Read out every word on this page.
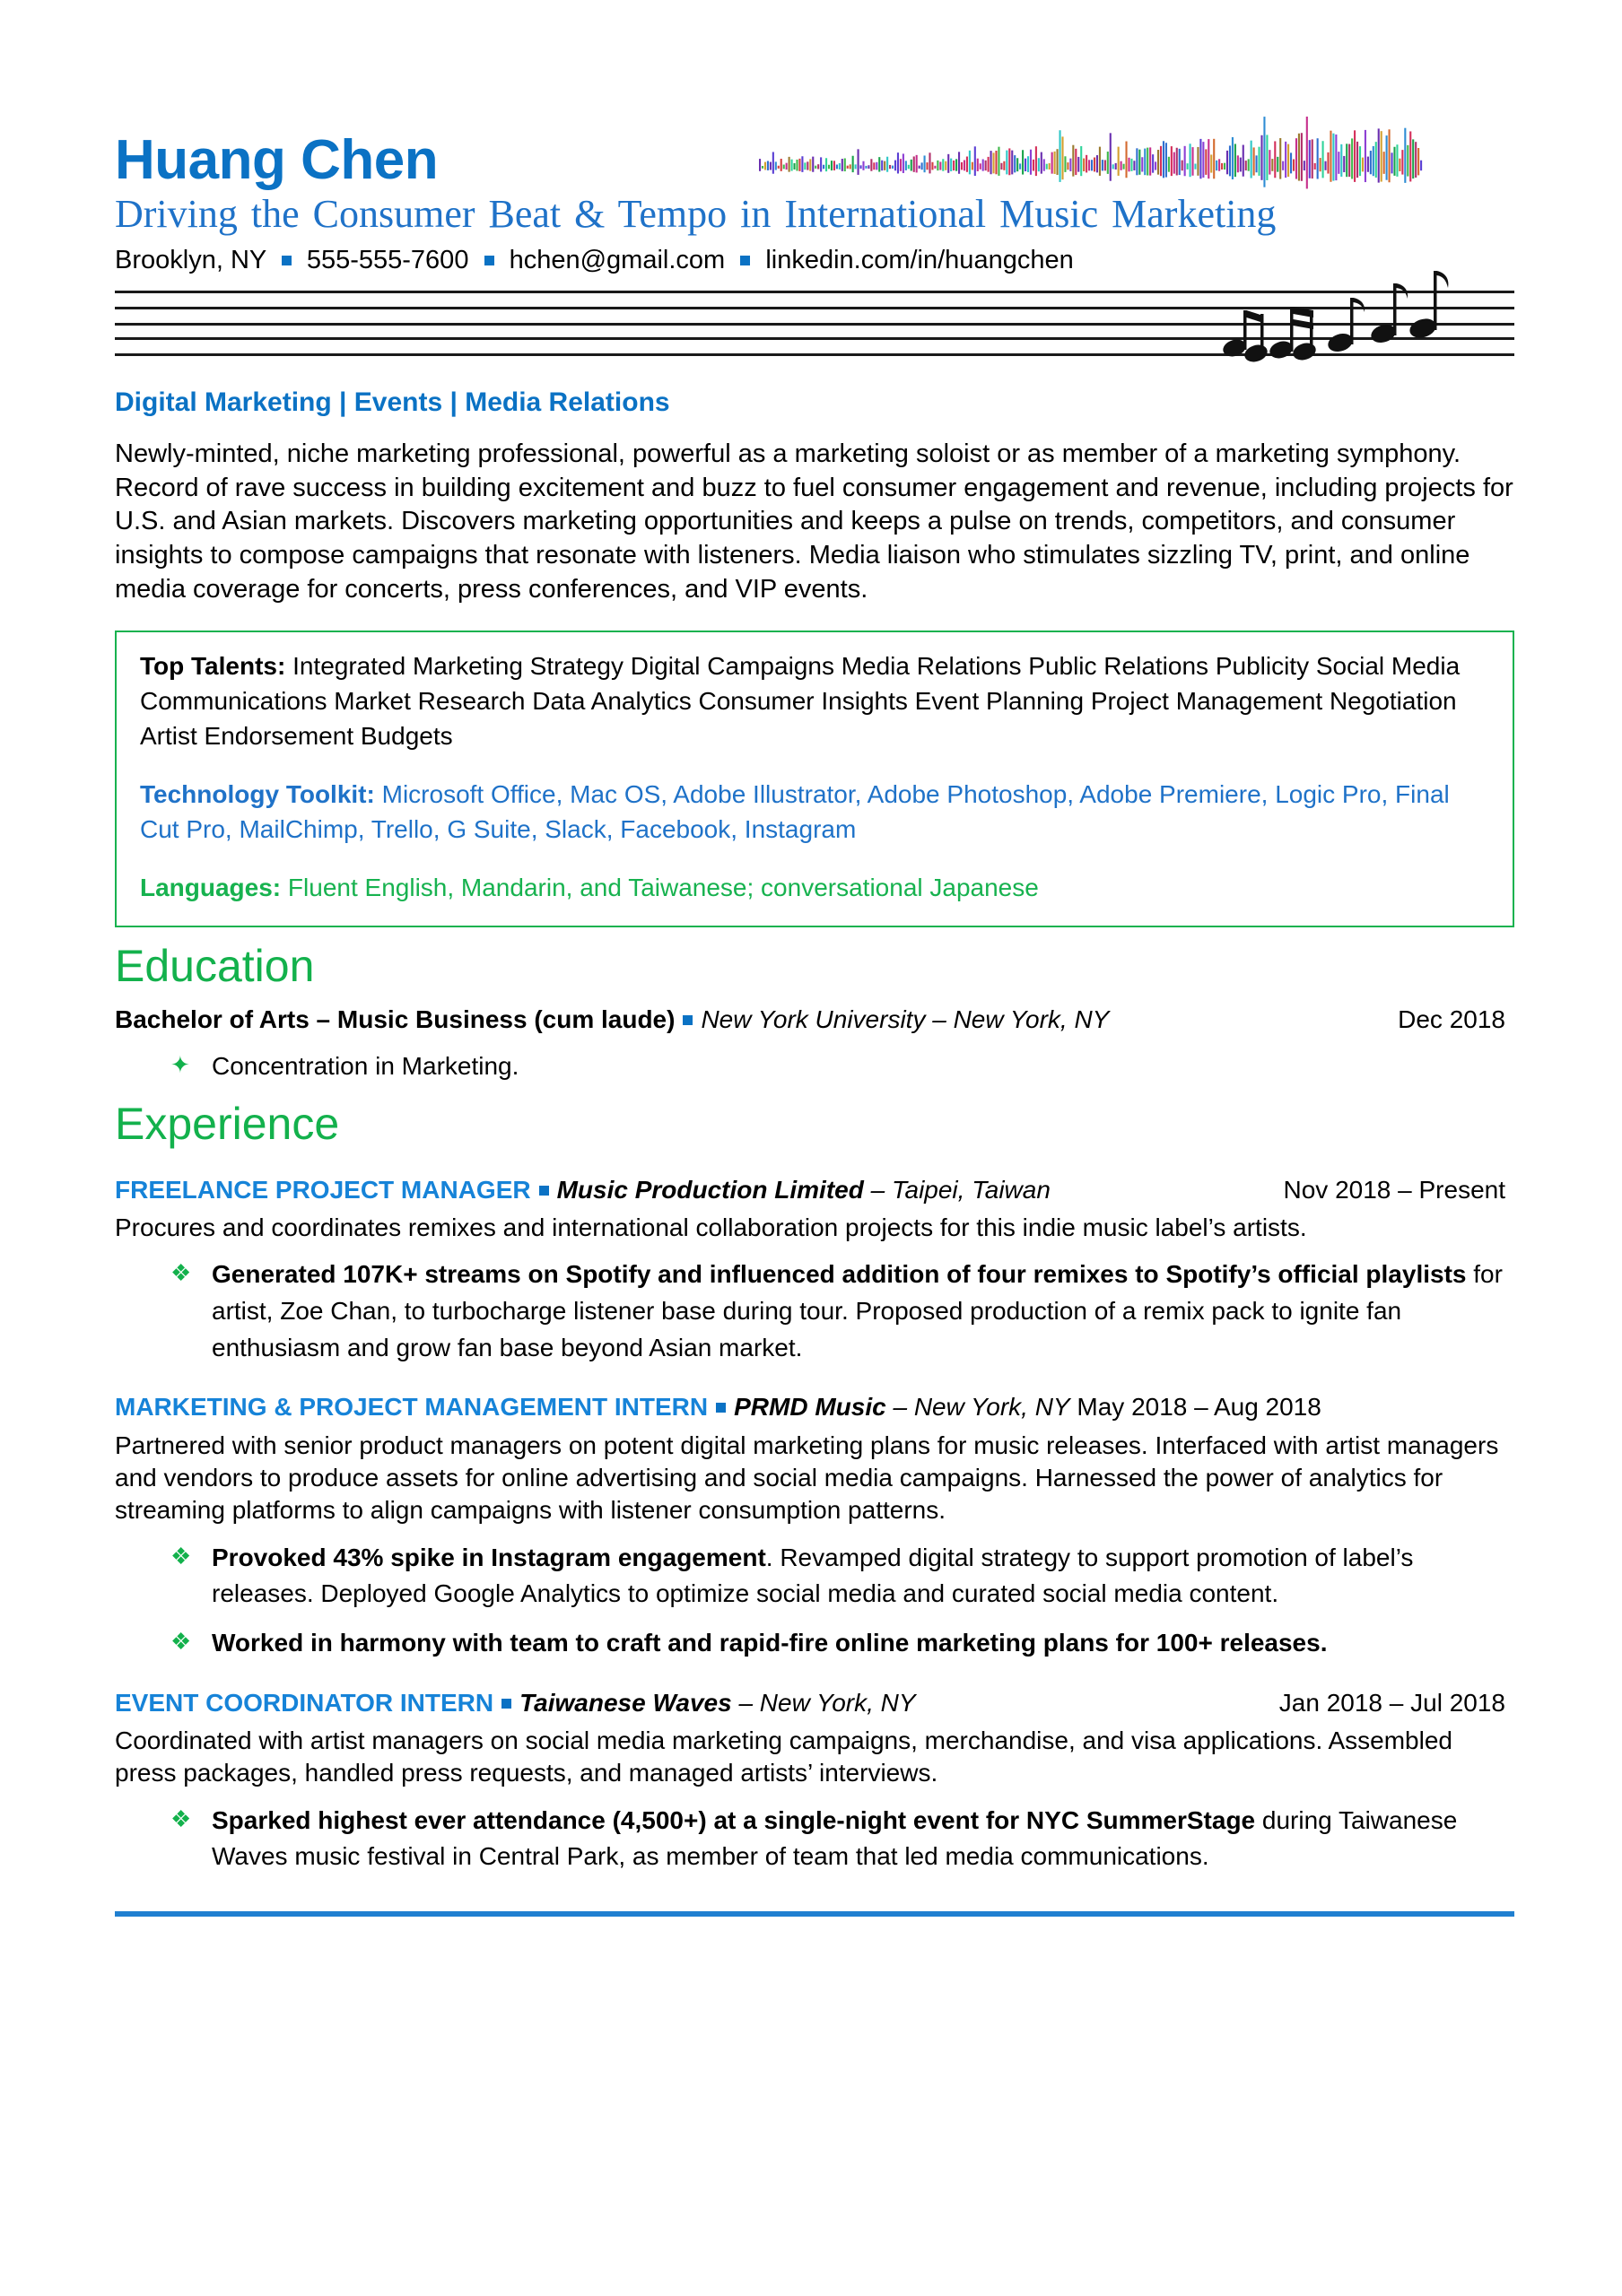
Huang Chen
Driving the Consumer Beat & Tempo in International Music Marketing
Brooklyn, NY 555-555-7600 hchen@gmail.com linkedin.com/in/huangchen
Digital Marketing | Events | Media Relations
Newly-minted, niche marketing professional, powerful as a marketing soloist or as member of a marketing symphony. Record of rave success in building excitement and buzz to fuel consumer engagement and revenue, including projects for U.S. and Asian markets. Discovers marketing opportunities and keeps a pulse on trends, competitors, and consumer insights to compose campaigns that resonate with listeners. Media liaison who stimulates sizzling TV, print, and online media coverage for concerts, press conferences, and VIP events.
Top Talents: Integrated Marketing Strategy Digital Campaigns Media Relations Public Relations Publicity Social Media Communications Market Research Data Analytics Consumer Insights Event Planning Project Management Negotiation Artist Endorsement Budgets
Technology Toolkit: Microsoft Office, Mac OS, Adobe Illustrator, Adobe Photoshop, Adobe Premiere, Logic Pro, Final Cut Pro, MailChimp, Trello, G Suite, Slack, Facebook, Instagram
Languages: Fluent English, Mandarin, and Taiwanese; conversational Japanese
Education
Bachelor of Arts – Music Business (cum laude) New York University – New York, NY	Dec 2018
✦ Concentration in Marketing.
Experience
FREELANCE PROJECT MANAGER Music Production Limited – Taipei, Taiwan	Nov 2018 – Present
Procures and coordinates remixes and international collaboration projects for this indie music label’s artists.
❖ Generated 107K+ streams on Spotify and influenced addition of four remixes to Spotify’s official playlists for artist, Zoe Chan, to turbocharge listener base during tour. Proposed production of a remix pack to ignite fan enthusiasm and grow fan base beyond Asian market.
MARKETING & PROJECT MANAGEMENT INTERN PRMD Music – New York, NY May 2018 – Aug 2018
Partnered with senior product managers on potent digital marketing plans for music releases. Interfaced with artist managers and vendors to produce assets for online advertising and social media campaigns. Harnessed the power of analytics for streaming platforms to align campaigns with listener consumption patterns.
❖ Provoked 43% spike in Instagram engagement. Revamped digital strategy to support promotion of label’s releases. Deployed Google Analytics to optimize social media and curated social media content.
❖ Worked in harmony with team to craft and rapid-fire online marketing plans for 100+ releases.
EVENT COORDINATOR INTERN Taiwanese Waves – New York, NY	Jan 2018 – Jul 2018
Coordinated with artist managers on social media marketing campaigns, merchandise, and visa applications. Assembled press packages, handled press requests, and managed artists’ interviews.
❖ Sparked highest ever attendance (4,500+) at a single-night event for NYC SummerStage during Taiwanese Waves music festival in Central Park, as member of team that led media communications.
